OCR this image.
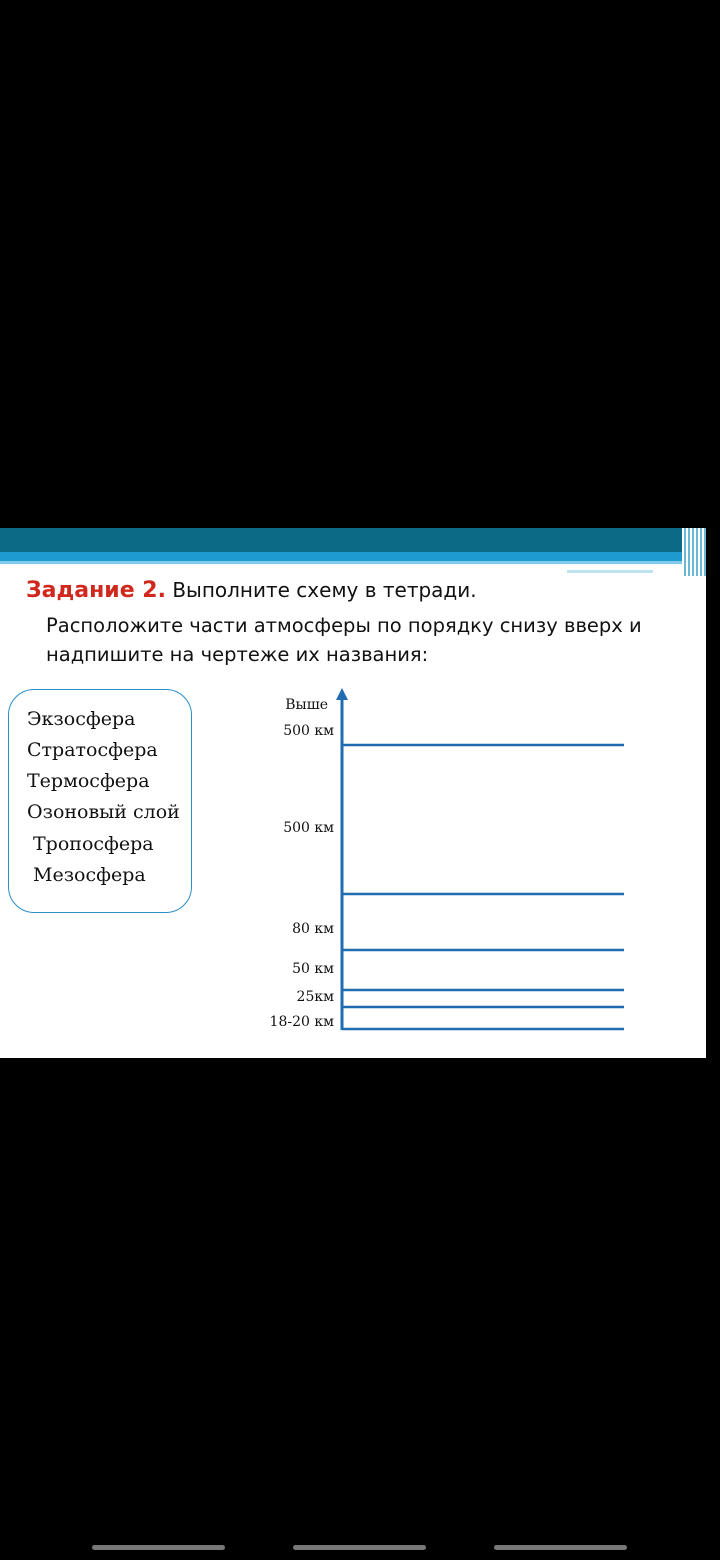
Задание 2. Выполните схему в тетради.
Расположите части атмосферы по порядку снизу вверх и надпишите на чертеже их названия:
Экзосфера
Стратосфера
Термосфера
Озоновый слой
Тропосфера
Мезосфера
Выше
500 км
500 км
80 км
50 км
25км
18-20 км
